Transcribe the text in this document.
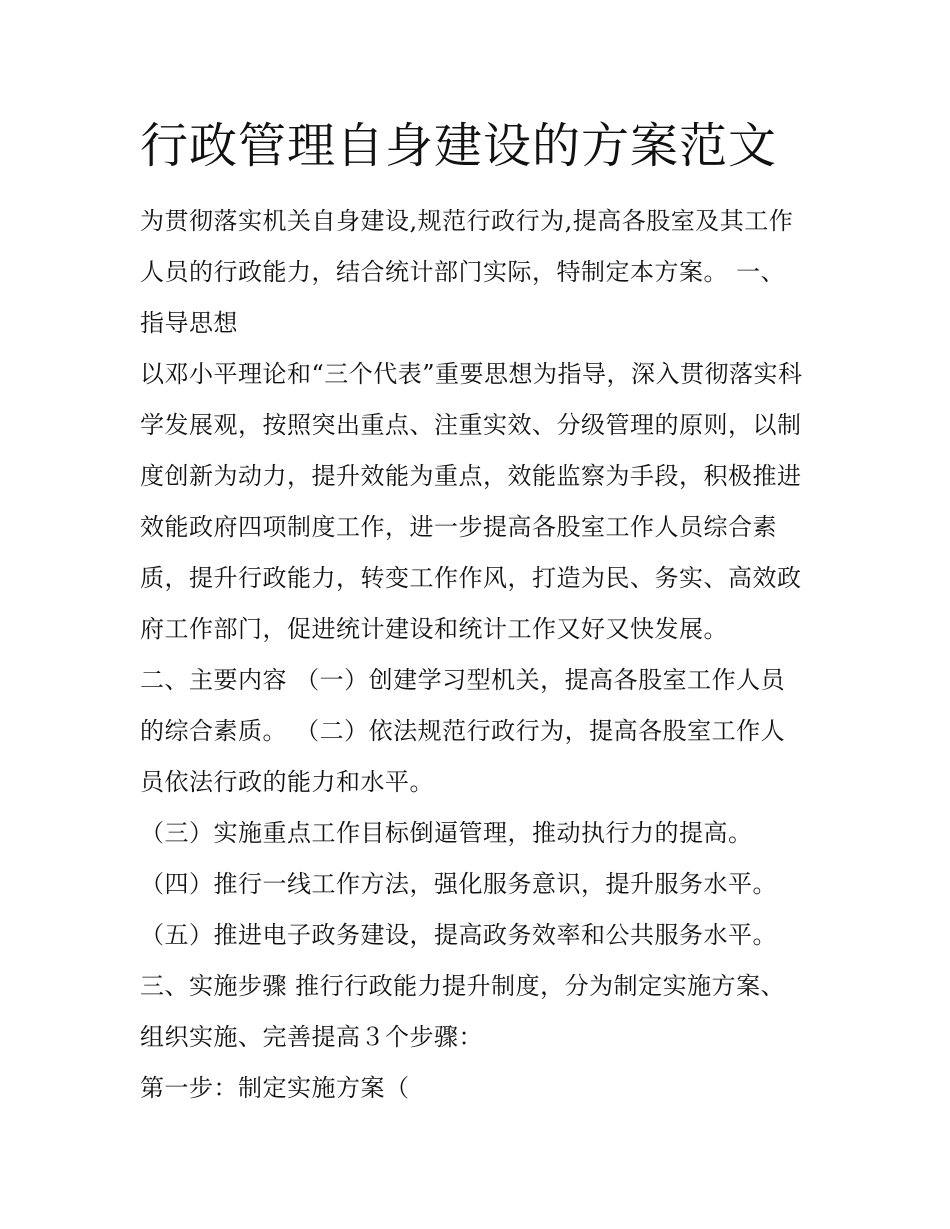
行政管理自身建设的方案范文
为贯彻落实机关自身建设,规范行政行为,提高各股室及其工作
人员的行政能力，结合统计部门实际，特制定本方案。 一、
指导思想
以邓小平理论和“三个代表”重要思想为指导，深入贯彻落实科
学发展观，按照突出重点、注重实效、分级管理的原则，以制
度创新为动力，提升效能为重点，效能监察为手段，积极推进
效能政府四项制度工作，进一步提高各股室工作人员综合素
质，提升行政能力，转变工作作风，打造为民、务实、高效政
府工作部门，促进统计建设和统计工作又好又快发展。
二、主要内容 （一）创建学习型机关，提高各股室工作人员
的综合素质。 （二）依法规范行政行为，提高各股室工作人
员依法行政的能力和水平。
（三）实施重点工作目标倒逼管理，推动执行力的提高。
（四）推行一线工作方法，强化服务意识，提升服务水平。
（五）推进电子政务建设，提高政务效率和公共服务水平。
三、实施步骤 推行行政能力提升制度，分为制定实施方案、
组织实施、完善提高３个步骤：
第一步：制定实施方案（
